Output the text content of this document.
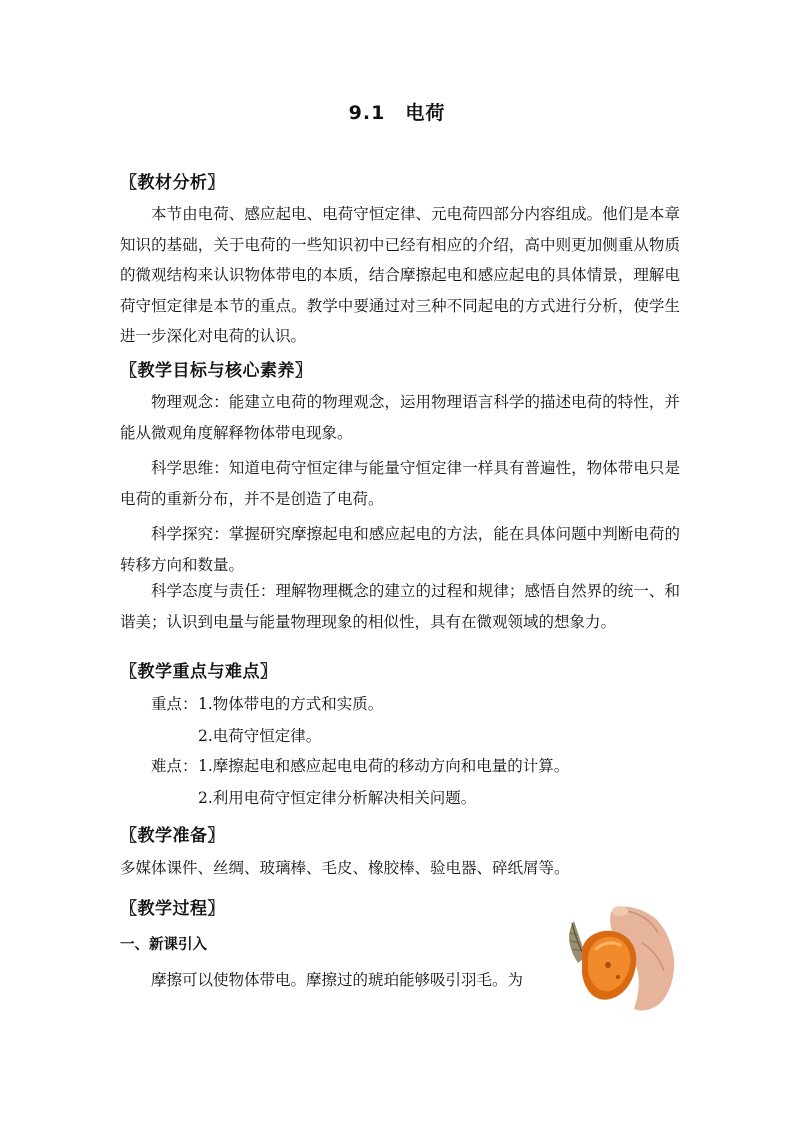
9.1　电荷
〖教材分析〗
本节由电荷、感应起电、电荷守恒定律、元电荷四部分内容组成。他们是本章知识的基础，关于电荷的一些知识初中已经有相应的介绍，高中则更加侧重从物质的微观结构来认识物体带电的本质，结合摩擦起电和感应起电的具体情景，理解电荷守恒定律是本节的重点。教学中要通过对三种不同起电的方式进行分析，使学生进一步深化对电荷的认识。
〖教学目标与核心素养〗
物理观念：能建立电荷的物理观念，运用物理语言科学的描述电荷的特性，并能从微观角度解释物体带电现象。
科学思维：知道电荷守恒定律与能量守恒定律一样具有普遍性，物体带电只是电荷的重新分布，并不是创造了电荷。
科学探究：掌握研究摩擦起电和感应起电的方法，能在具体问题中判断电荷的转移方向和数量。
科学态度与责任：理解物理概念的建立的过程和规律；感悟自然界的统一、和谐美；认识到电量与能量物理现象的相似性，具有在微观领域的想象力。
〖教学重点与难点〗
重点： 1.物体带电的方式和实质。
2.电荷守恒定律。
难点： 1.摩擦起电和感应起电电荷的移动方向和电量的计算。
2.利用电荷守恒定律分析解决相关问题。
〖教学准备〗
多媒体课件、丝绸、玻璃棒、毛皮、橡胶棒、验电器、碎纸屑等。
〖教学过程〗
一、新课引入
摩擦可以使物体带电。摩擦过的琥珀能够吸引羽毛。为
